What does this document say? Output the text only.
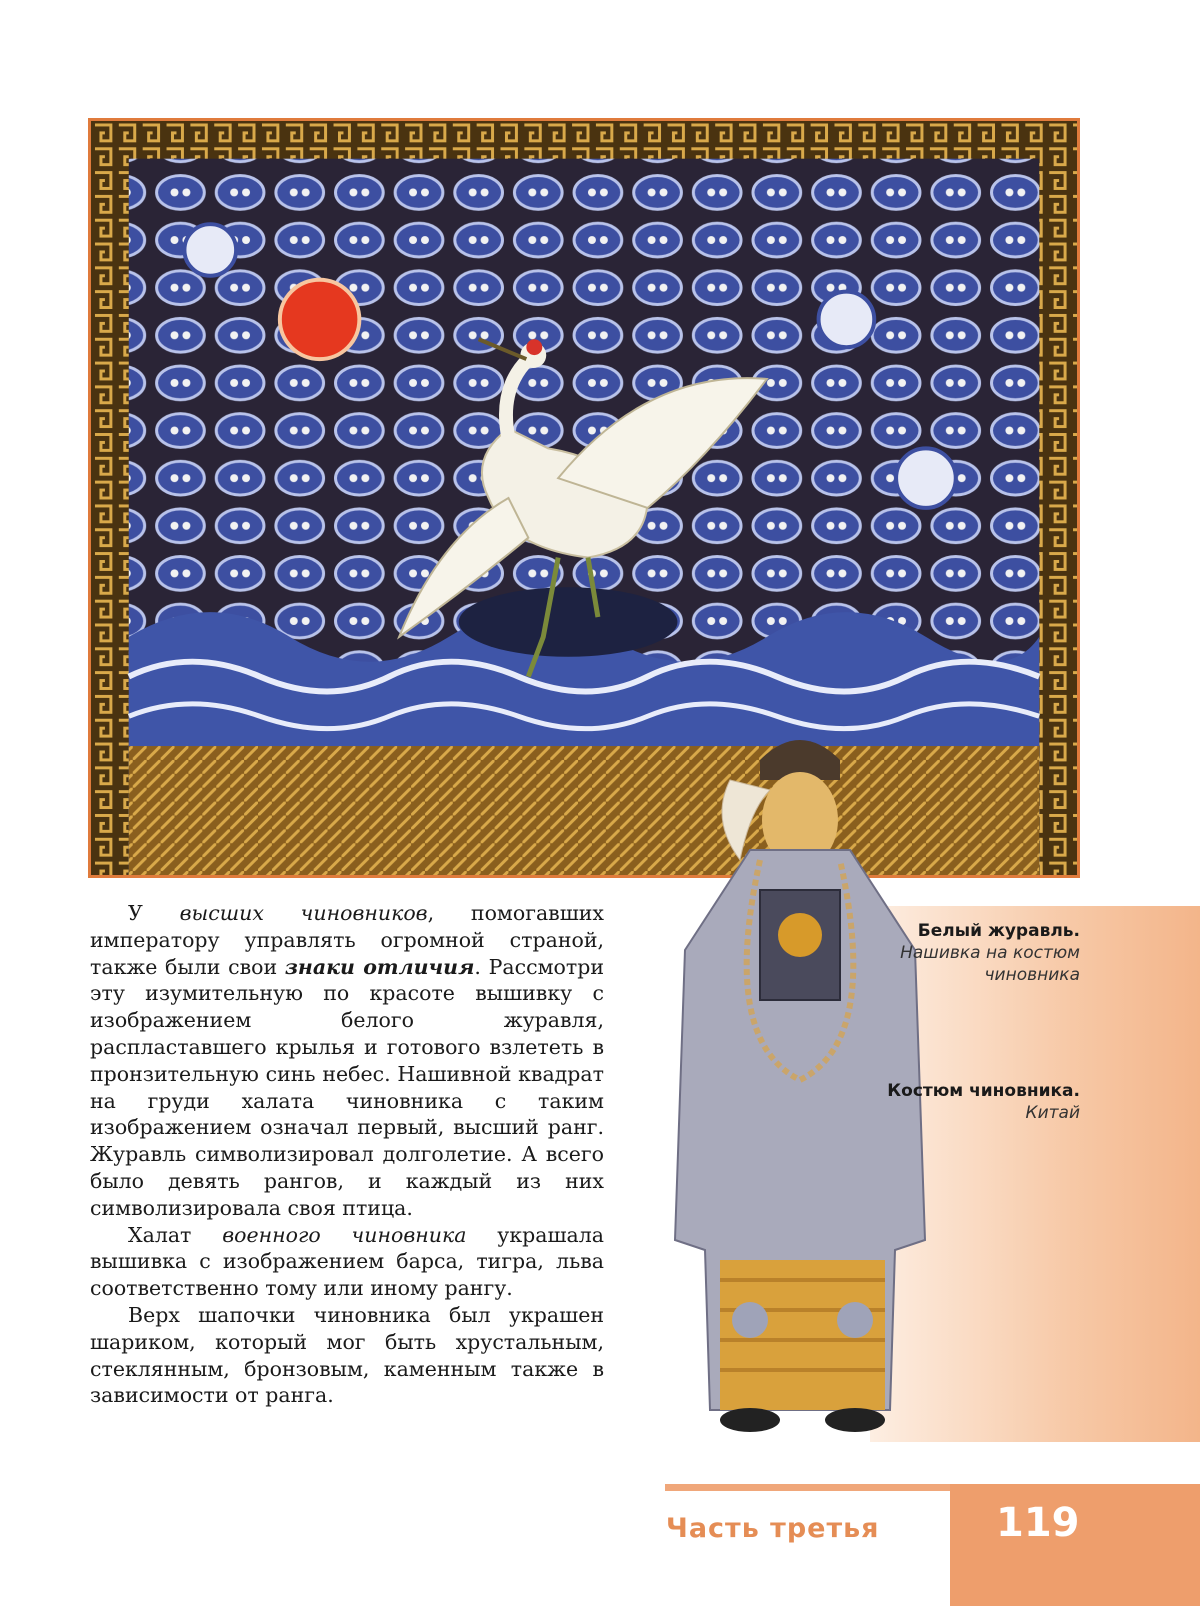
Белый журавль.
Нашивка на костюм чиновника
Костюм чиновника.
Китай

У высших чиновников, помогавших императору управлять огромной страной, также были свои знаки отличия. Рассмотри эту изумительную по красоте вышивку с изображением белого журавля, распластавшего крылья и готового взлететь в пронзительную синь небес. Нашивной квадрат на груди халата чиновника с таким изображением означал первый, высший ранг. Журавль символизировал долголетие. А всего было девять рангов, и каждый из них символизировала своя птица.

Халат военного чиновника украшала вышивка с изображением барса, тигра, льва соответственно тому или иному рангу.

Верх шапочки чиновника был украшен шариком, который мог быть хрустальным, стеклянным, бронзовым, каменным также в зависимости от ранга.

Часть третья	119
